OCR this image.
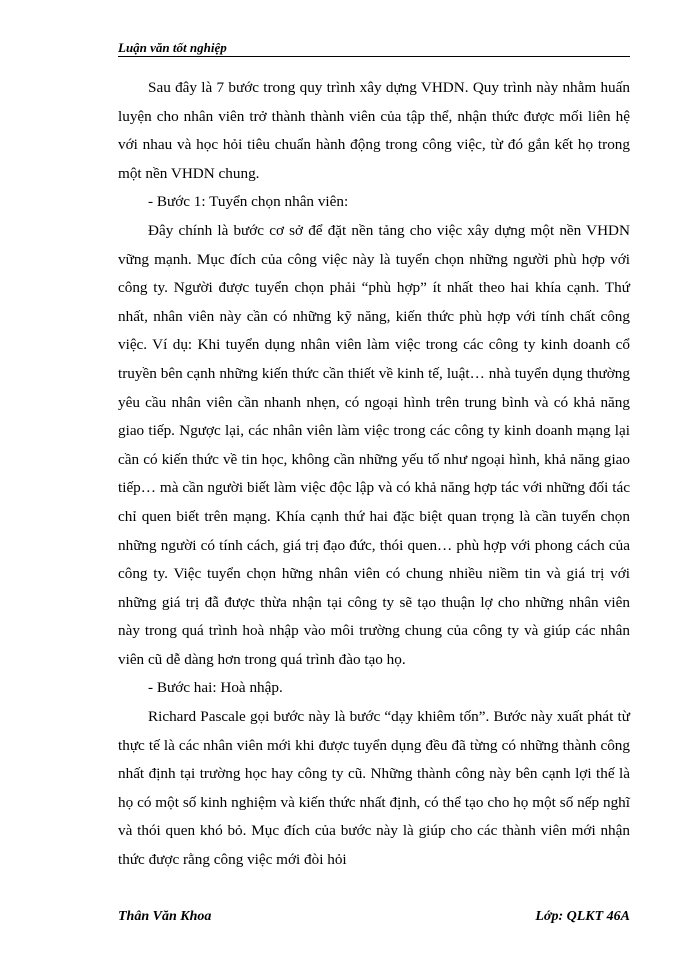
Luận văn tốt nghiệp

Sau đây là 7 bước trong quy trình xây dựng VHDN. Quy trình này nhằm huấn luyện cho nhân viên trở thành thành viên của tập thể, nhận thức được mối liên hệ với nhau và học hỏi tiêu chuẩn hành động trong công việc, từ đó gắn kết họ trong một nền VHDN chung.

- Bước 1: Tuyển chọn nhân viên:

Đây chính là bước cơ sở để đặt nền tảng cho việc xây dựng một nền VHDN vững mạnh. Mục đích của công việc này là tuyển chọn những người phù hợp với công ty. Người được tuyển chọn phải “phù hợp” ít nhất theo hai khía cạnh. Thứ nhất, nhân viên này cần có những kỹ năng, kiến thức phù hợp với tính chất công việc. Ví dụ: Khi tuyển dụng nhân viên làm việc trong các công ty kinh doanh cổ truyền bên cạnh những kiến thức cần thiết về kinh tế, luật… nhà tuyển dụng thường yêu cầu nhân viên cần nhanh nhẹn, có ngoại hình trên trung bình và có khả năng giao tiếp. Ngược lại, các nhân viên làm việc trong các công ty kinh doanh mạng lại cần có kiến thức về tin học, không cần những yếu tố như ngoại hình, khả năng giao tiếp… mà cần người biết làm việc độc lập và có khả năng hợp tác với những đối tác chỉ quen biết trên mạng. Khía cạnh thứ hai đặc biệt quan trọng là cần tuyển chọn những người có tính cách, giá trị đạo đức, thói quen… phù hợp với phong cách của công ty. Việc tuyển chọn hững nhân viên có chung nhiều niềm tin và giá trị với những giá trị đẫ được thừa nhận tại công ty sẽ tạo thuận lợ cho những nhân viên này trong quá trình hoà nhập vào môi trường chung của công ty và giúp các nhân viên cũ dễ dàng hơn trong quá trình đào tạo họ.

- Bước hai: Hoà nhập.

Richard Pascale gọi bước này là bước “dạy khiêm tốn”. Bước này xuất phát từ thực tế là các nhân viên mới khi được tuyển dụng đều đã từng có những thành công nhất định tại trường học hay công ty cũ. Những thành công này bên cạnh lợi thế là họ có một số kinh nghiệm và kiến thức nhất định, có thể tạo cho họ một số nếp nghĩ và thói quen khó bỏ. Mục đích của bước này là giúp cho các thành viên mới nhận thức được rằng công việc mới đòi hỏi

Thân Văn Khoa	Lớp: QLKT 46A
